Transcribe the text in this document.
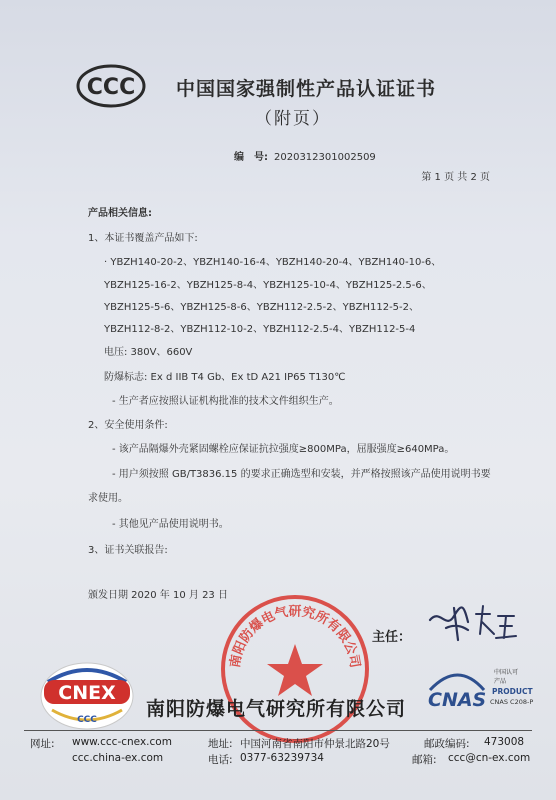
CCC 中国国家强制性产品认证证书
（附页）
编　号: 2020312301002509
第 1 页 共 2 页
产品相关信息:
1、本证书覆盖产品如下:
· YBZH140-20-2、YBZH140-16-4、YBZH140-20-4、YBZH140-10-6、
YBZH125-16-2、YBZH125-8-4、YBZH125-10-4、YBZH125-2.5-6、
YBZH125-5-6、YBZH125-8-6、YBZH112-2.5-2、YBZH112-5-2、
YBZH112-8-2、YBZH112-10-2、YBZH112-2.5-4、YBZH112-5-4
电压: 380V、660V
防爆标志: Ex d IIB T4 Gb、Ex tD A21 IP65 T130℃
- 生产者应按照认证机构批准的技术文件组织生产。
2、安全使用条件:
- 该产品隔爆外壳紧固螺栓应保证抗拉强度≥800MPa，屈服强度≥640MPa。
- 用户须按照 GB/T3836.15 的要求正确选型和安装，并严格按照该产品使用说明书要
求使用。
- 其他见产品使用说明书。
3、证书关联报告:
颁发日期 2020 年 10 月 23 日
南阳防爆电气研究所有限公司
主任：
CNEX
CCC	南阳防爆电气研究所有限公司 CNAS
中国认可
产品
PRODUCT
CNAS C208-P
网址: www.ccc-cnex.com
ccc.china-ex.com
地址: 中国河南省南阳市仲景北路20号
电话: 0377-63239734
邮政编码: 473008
邮箱: ccc@cn-ex.com
